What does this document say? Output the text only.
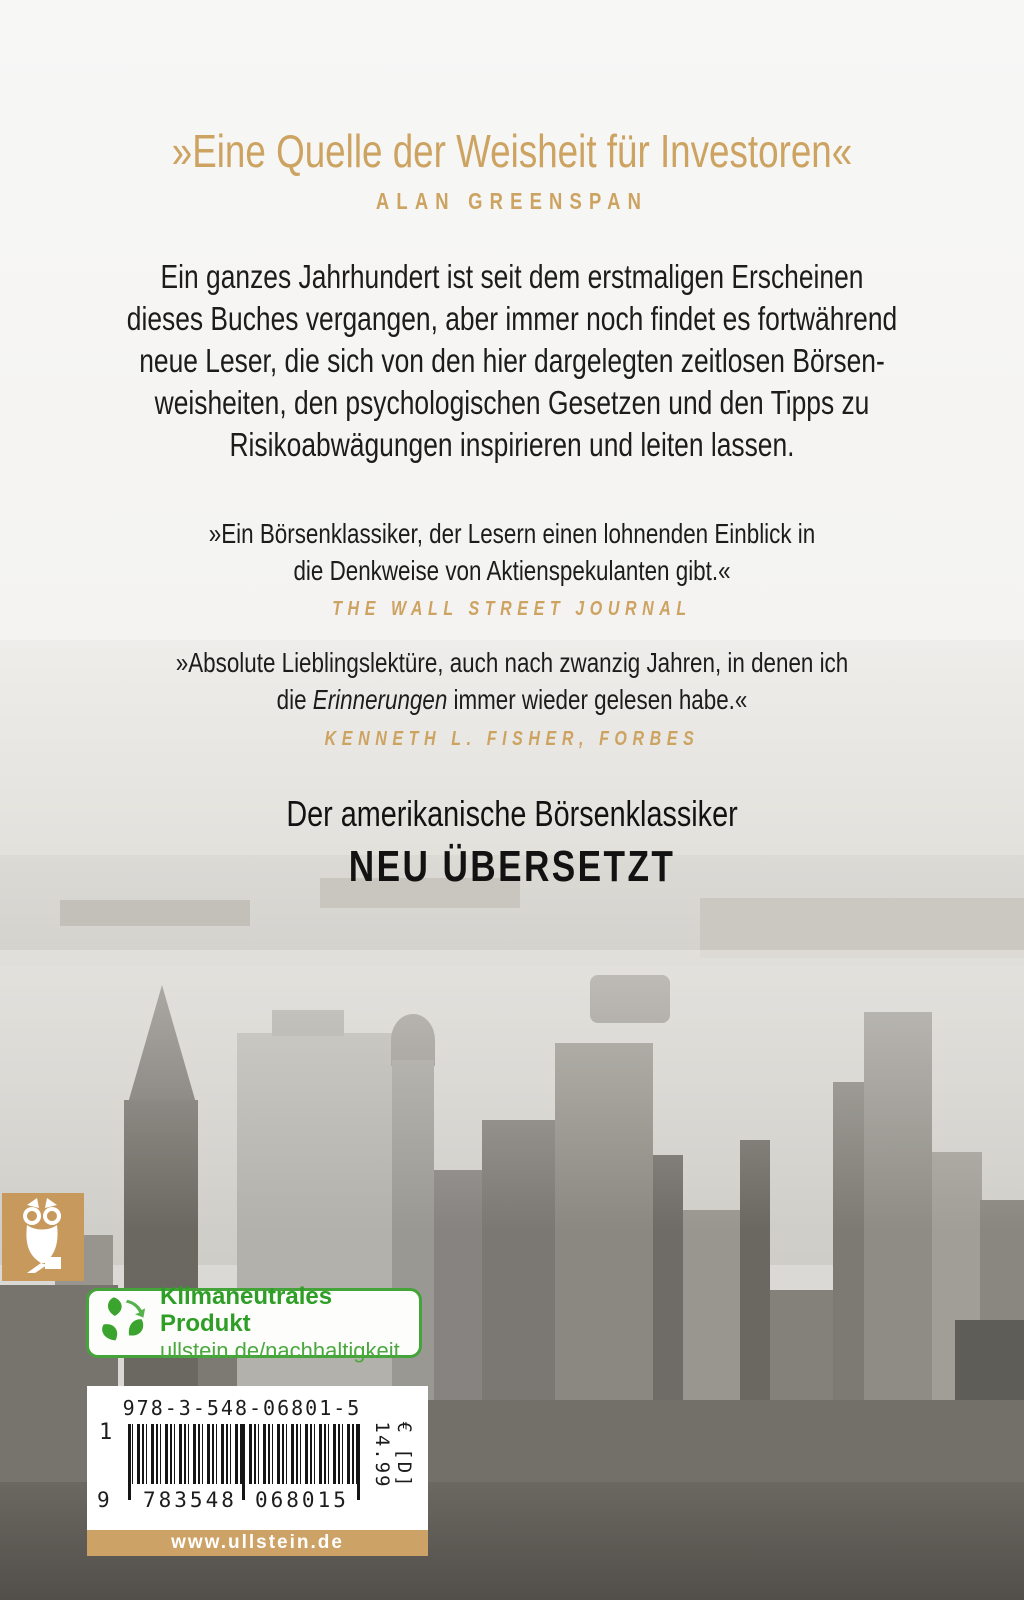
»Eine Quelle der Weisheit für Investoren«
ALAN GREENSPAN
Ein ganzes Jahrhundert ist seit dem erstmaligen Erscheinen
dieses Buches vergangen, aber immer noch findet es fortwährend
neue Leser, die sich von den hier dargelegten zeitlosen Börsen-
weisheiten, den psychologischen Gesetzen und den Tipps zu
Risikoabwägungen inspirieren und leiten lassen.
»Ein Börsenklassiker, der Lesern einen lohnenden Einblick in
die Denkweise von Aktienspekulanten gibt.«
THE WALL STREET JOURNAL
»Absolute Lieblingslektüre, auch nach zwanzig Jahren, in denen ich
die Erinnerungen immer wieder gelesen habe.«
KENNETH L. FISHER, FORBES
Der amerikanische Börsenklassiker
NEU ÜBERSETZT
Klimaneutrales Produkt
ullstein.de/nachhaltigkeit
978-3-548-06801-5
1
9 783548 068015
€ [D] 14.99
www.ullstein.de
